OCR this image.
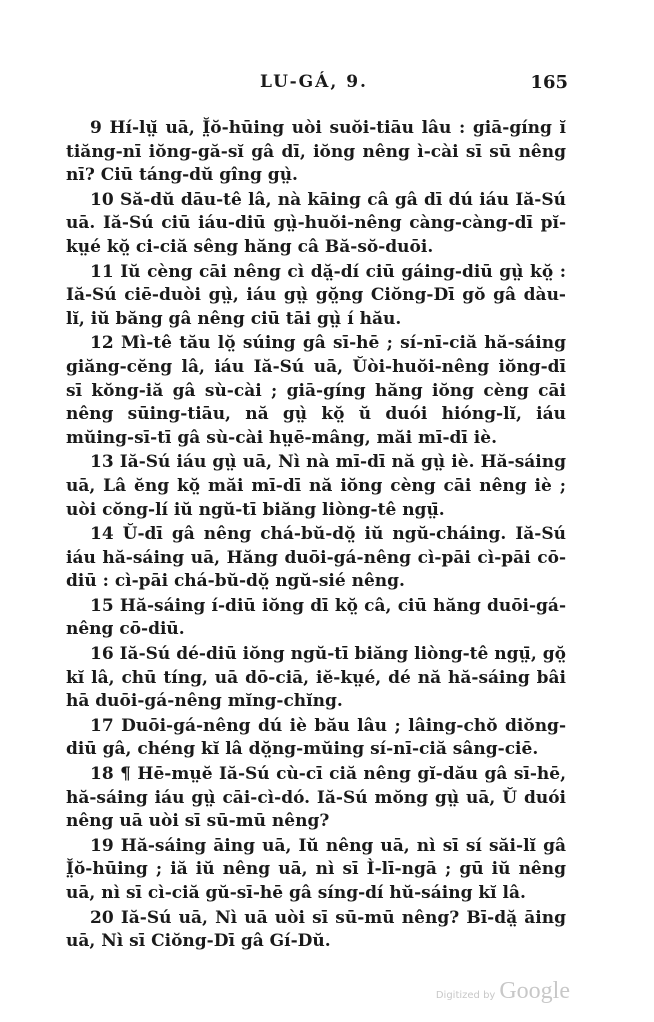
LU-GÁ, 9.	165

9 Hí-lṳ̆ uā, Ĭ̤ŏ-hūing uòi suŏi-tiāu lâu : giā-gíng ĭ tiăng-nī iŏng-gă-sĭ gâ dī, iŏng nêng ì-cài sī sū nêng nī? Ciū táng-dŭ gîng gṳ̀.

10 Să-dŭ dāu-tê lâ, nà kāing câ gâ dī dú iáu Iă-Sú uā. Iă-Sú ciū iáu-diū gṳ̀-huŏi-nêng càng-càng-dī pĭ-kṳé kŏ̤ ci-ciă sêng hăng câ Bă-sŏ-duōi.

11 Iŭ cèng cāi nêng cì dă̤-dí ciū gáing-diū gṳ̀ kŏ̤ : Iă-Sú ciē-duòi gṳ̀, iáu gṳ̀ gŏ̤ng Ciŏng-Dī gŏ gâ dàu-lĭ, iŭ băng gâ nêng ciū tāi gṳ̀ í hău.

12 Mì-tê tău lŏ̤ súing gâ sī-hē ; sí-nī-ciă hă-sáing giăng-cĕng lâ, iáu Iă-Sú uā, Ŭòi-huŏi-nêng iŏng-dī sī kŏng-iă gâ sù-cài ; giā-gíng hăng iŏng cèng cāi nêng sūing-tiāu, nă gṳ̀ kŏ̤ ŭ duói hióng-lĭ, iáu mŭing-sī-tī gâ sù-cài hṳē-mâng, măi mī-dī iè.

13 Iă-Sú iáu gṳ̀ uā, Nì nà mī-dī nă gṳ̀ iè. Hă-sáing uā, Lâ ĕng kŏ̤ măi mī-dī nă iŏng cèng cāi nêng iè ; uòi cŏng-lí iŭ ngŭ-tī biăng liòng-tê ngṳ̄.

14 Ŭ-dī gâ nêng chá-bŭ-dŏ̤ iŭ ngŭ-cháing. Iă-Sú iáu hă-sáing uā, Hăng duōi-gá-nêng cì-pāi cì-pāi cō-diū : cì-pāi chá-bŭ-dŏ̤ ngŭ-sié nêng.

15 Hă-sáing í-diū iŏng dī kŏ̤ câ, ciū hăng duōi-gá-nêng cō-diū.

16 Iă-Sú dé-diū iŏng ngŭ-tī biăng liòng-tê ngṳ̄, gŏ̤ kĭ lâ, chū tíng, uā dō-ciā, iĕ-kṳé, dé nă hă-sáing bâi hā duōi-gá-nêng mĭng-chĭng.

17 Duōi-gá-nêng dú iè bău lâu ; lâing-chŏ diŏng-diū gâ, chéng kĭ lâ dŏ̤ng-mŭing sí-nī-ciă sâng-ciē.

18 ¶ Hē-mṳĕ Iă-Sú cù-cī ciă nêng gĭ-dău gâ sī-hē, hă-sáing iáu gṳ̀ cāi-cì-dó. Iă-Sú mŏng gṳ̀ uā, Ŭ duói nêng uā uòi sī sū-mū nêng?

19 Hă-sáing āing uā, Iŭ nêng uā, nì sī sí săi-lĭ gâ Ĭ̤ŏ-hūing ; iă iŭ nêng uā, nì sī Ì-lī-ngā ; gū iŭ nêng uā, nì sī cì-ciă gŭ-sī-hē gâ síng-dí hŭ-sáing kĭ lâ.

20 Iă-Sú uā, Nì uā uòi sī sū-mū nêng? Bī-dă̤ āing uā, Nì sī Ciŏng-Dī gâ Gí-Dŭ.

Digitized by Google
